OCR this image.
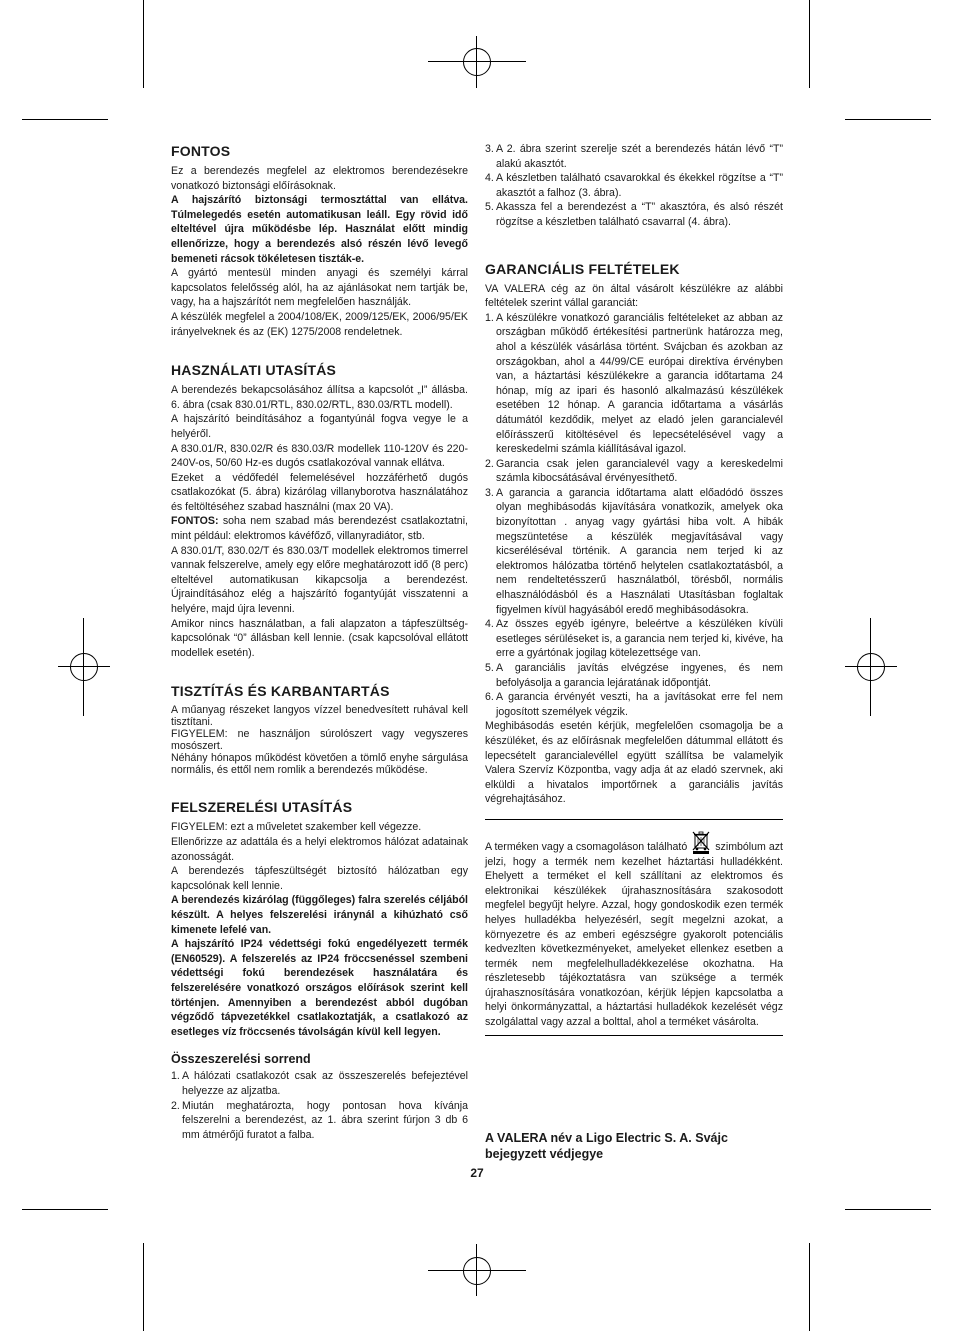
FONTOS

Ez a berendezés megfelel az elektromos berendezésekre vonatkozó biztonsági előírásoknak.

A hajszárító biztonsági termosztáttal van ellátva. Túlmelegedés esetén automatikusan leáll. Egy rövid idő elteltével újra működésbe lép. Használat előtt mindig ellenőrizze, hogy a berendezés alsó részén lévő levegő bemeneti rácsok tökéletesen tiszták-e.

A gyártó mentesül minden anyagi és személyi kárral kapcsolatos felelősség alól, ha az ajánlásokat nem tartják be, vagy, ha a hajszárítót nem megfelelően használják.

A készülék megfelel a 2004/108/EK, 2009/125/EK, 2006/95/EK irányelveknek és az (EK) 1275/2008 rendeletnek.

HASZNÁLATI UTASÍTÁS

A berendezés bekapcsolásához állítsa a kapcsolót „I” állásba. 6. ábra (csak 830.01/RTL, 830.02/RTL, 830.03/RTL modell).

A hajszárító beindításához a fogantyúnál fogva vegye le a helyéről.

A 830.01/R, 830.02/R és 830.03/R modellek 110-120V és 220-240V-os, 50/60 Hz-es dugós csatlakozóval vannak ellátva.

Ezeket a védőfedél felemelésével hozzáférhető dugós csatlakozókat (5. ábra) kizárólag villanyborotva használatához és feltöltéséhez szabad használni (max 20 VA).

FONTOS: soha nem szabad más berendezést csatlakoztatni, mint például: elektromos kávéfőző, villanyradiátor, stb.

A 830.01/T, 830.02/T és 830.03/T modellek elektromos timerrel vannak felszerelve, amely egy előre meghatározott idő (8 perc) elteltével automatikusan kikapcsolja a berendezést. Újraindításához elég a hajszárító fogantyúját visszatenni a helyére, majd újra levenni.

Amikor nincs használatban, a fali alapzaton a tápfeszültség-kapcsolónak “0” állásban kell lennie. (csak kapcsolóval ellátott modellek esetén).

TISZTÍTÁS ÉS KARBANTARTÁS

A műanyag részeket langyos vízzel benedvesített ruhával kell tisztítani.

FIGYELEM: ne használjon súrolószert vagy vegyszeres mosószert.

Néhány hónapos működést követően a tömlő enyhe sárgulása normális, és ettől nem romlik a berendezés működése.

FELSZERELÉSI UTASÍTÁS

FIGYELEM: ezt a műveletet szakember kell végezze.

Ellenőrizze az adattála és a helyi elektromos hálózat adatainak azonosságát.

A berendezés tápfeszültségét biztosító hálózatban egy kapcsolónak kell lennie.

A berendezés kizárólag (függőleges) falra szerelés céljából készült. A helyes felszerelési iránynál a kihúzható cső kimenete lefelé van.

A hajszárító IP24 védettségi fokú engedélyezett termék (EN60529). A felszerelés az IP24 fröccsenéssel szembeni védettségi fokú berendezések használatára és felszerelésére vonatkozó országos előírások szerint kell történjen. Amennyiben a berendezést abból dugóban végződő tápvezetékkel csatlakoztatják, a csatlakozó az esetleges víz fröccsenés távolságán kívül kell legyen.

Összeszerelési sorrend
1. A hálózati csatlakozót csak az összeszerelés befejeztével helyezze az aljzatba.
2. Miután meghatározta, hogy pontosan hova kívánja felszerelni a berendezést, az 1. ábra szerint fúrjon 3 db 6 mm átmérőjű furatot a falba.
3. A 2. ábra szerint szerelje szét a berendezés hátán lévő “T” alakú akasztót.
4. A készletben található csavarokkal és ékekkel rögzítse a “T” akasztót a falhoz (3. ábra).
5. Akassza fel a berendezést a “T” akasztóra, és alsó részét rögzítse a készletben található csavarral (4. ábra).
GARANCIÁLIS FELTÉTELEK

VA VALERA cég az ön által vásárolt készülékre az alábbi feltételek szerint vállal garanciát:

1. A készülékre vonatkozó garanciális feltételeket az abban az országban működő értékesítési partnerünk határozza meg, ahol a készülék vásárlása történt. Svájcban és azokban az országokban, ahol a 44/99/CE európai direktíva érvényben van, a háztartási készülékekre a garancia időtartama 24 hónap, míg az ipari és hasonló alkalmazású készülékek esetében 12 hónap. A garancia időtartama a vásárlás dátumától kezdődik, melyet az eladó jelen garancialevél előírásszerű kitöltésével és lepecsételésével vagy a kereskedelmi számla kiállításával igazol.
2. Garancia csak jelen garancialevél vagy a kereskedelmi számla kibocsátásával érvényesíthető.
3. A garancia a garancia időtartama alatt előadódó összes olyan meghibásodás kijavítására vonatkozik, amelyek oka bizonyítottan . anyag vagy gyártási hiba volt. A hibák megszüntetése a készülék megjavításával vagy kicseréléséval történik. A garancia nem terjed ki az elektromos hálózatba történő helytelen csatlakoztatásból, a nem rendeltetésszerű használatból, törésből, normális elhasználódásból és a Használati Utasításban foglaltak figyelmen kívül hagyásából eredő meghibásodásokra.
4. Az összes egyéb igényre, beleértve a készüléken kívüli esetleges sérüléseket is, a garancia nem terjed ki, kivéve, ha erre a gyártónak jogilag kötelezettsége van.
5. A garanciális javítás elvégzése ingyenes, és nem befolyásolja a garancia lejáratának időpontját.
6. A garancia érvényét veszti, ha a javításokat erre fel nem jogosított személyek végzik.

Meghibásodás esetén kérjük, megfelelően csomagolja be a készüléket, és az előírásnak megfelelően dátummal ellátott és lepecsételt garancialevéllel együtt szállítsa be valamelyik Valera Szervíz Központba, vagy adja át az eladó szervnek, aki elküldi a hivatalos importőrnek a garanciális javítás végrehajtásához.

A terméken vagy a csomagoláson található  szimbólum azt jelzi, hogy a termék nem kezelhet háztartási hulladékként. Ehelyett a terméket el kell szállítani az elektromos és elektronikai készülékek újrahasznosítására szakosodott megfelel begyűjt helyre. Azzal, hogy gondoskodik ezen termék helyes hulladékba helyezésérl, segít megelzni azokat, a környezetre és az emberi egészségre gyakorolt potenciális kedvezlten következményeket, amelyeket ellenkez esetben a termék nem megfelelhulladékkezelése okozhatna. Ha részletesebb tájékoztatásra van szüksége a termék újrahasznosítására vonatkozóan, kérjük lépjen kapcsolatba a helyi önkormányzattal, a háztartási hulladékok kezelését végz szolgálattal vagy azzal a bolttal, ahol a terméket vásárolta.

A VALERA név a Ligo Electric S. A. Svájc
bejegyzett védjegye
27
